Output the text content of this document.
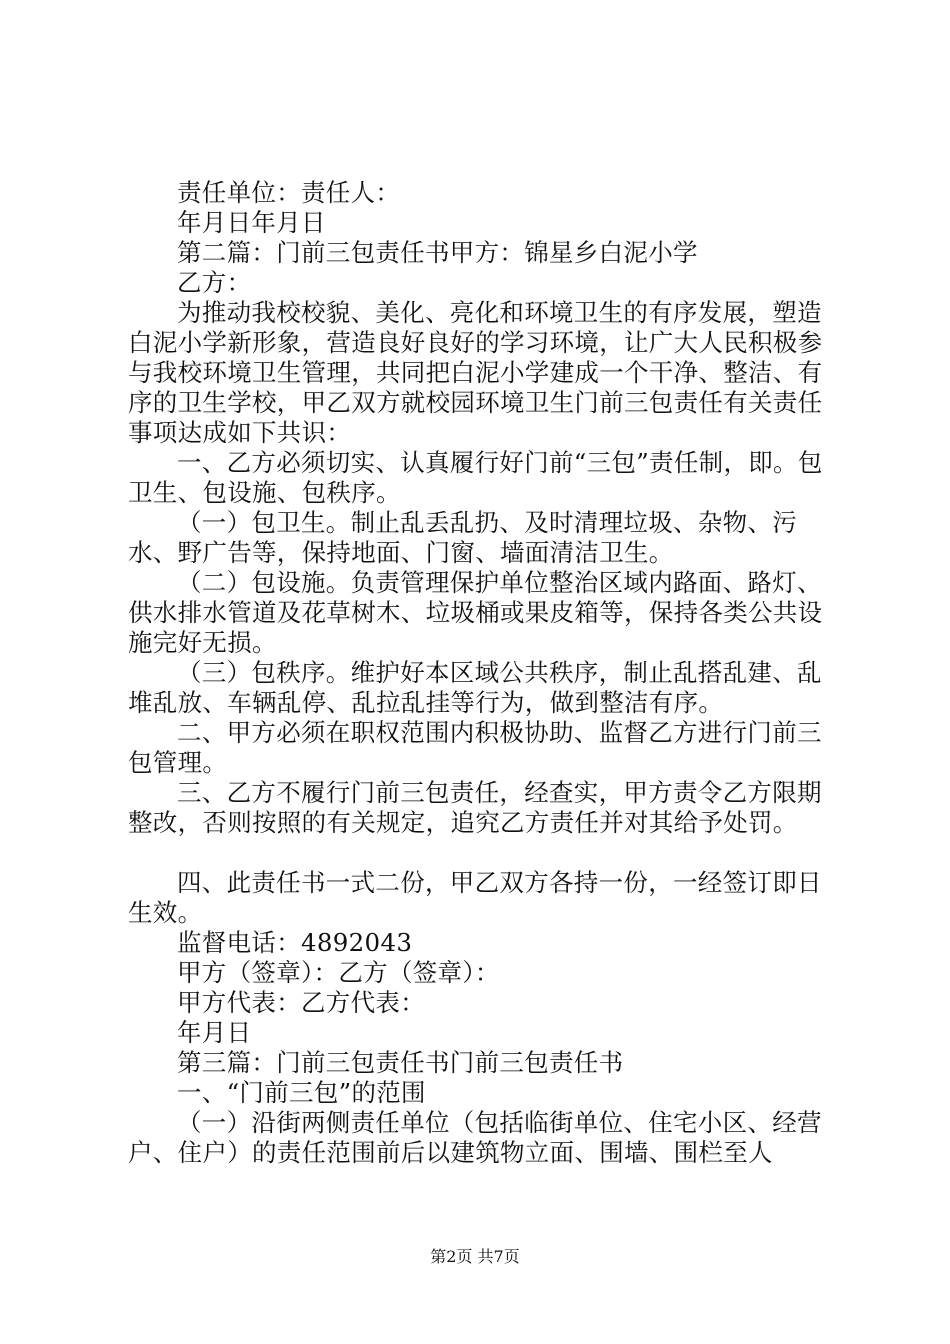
责任单位：责任人：

年月日年月日

第二篇：门前三包责任书甲方：锦星乡白泥小学

乙方：

为推动我校校貌、美化、亮化和环境卫生的有序发展，塑造白泥小学新形象，营造良好良好的学习环境，让广大人民积极参与我校环境卫生管理，共同把白泥小学建成一个干净、整洁、有序的卫生学校，甲乙双方就校园环境卫生门前三包责任有关责任事项达成如下共识：

一、乙方必须切实、认真履行好门前“三包”责任制，即。包卫生、包设施、包秩序。

（一）包卫生。制止乱丢乱扔、及时清理垃圾、杂物、污水、野广告等，保持地面、门窗、墙面清洁卫生。

（二）包设施。负责管理保护单位整治区域内路面、路灯、供水排水管道及花草树木、垃圾桶或果皮箱等，保持各类公共设施完好无损。

（三）包秩序。维护好本区域公共秩序，制止乱搭乱建、乱堆乱放、车辆乱停、乱拉乱挂等行为，做到整洁有序。

二、甲方必须在职权范围内积极协助、监督乙方进行门前三包管理。

三、乙方不履行门前三包责任，经查实，甲方责令乙方限期整改，否则按照的有关规定，追究乙方责任并对其给予处罚。

四、此责任书一式二份，甲乙双方各持一份，一经签订即日生效。

监督电话：4892043

甲方（签章）：乙方（签章）：

甲方代表：乙方代表：

年月日

第三篇：门前三包责任书门前三包责任书

一、“门前三包”的范围

（一）沿街两侧责任单位（包括临街单位、住宅小区、经营户、住户）的责任范围前后以建筑物立面、围墙、围栏至人

第2页 共7页
